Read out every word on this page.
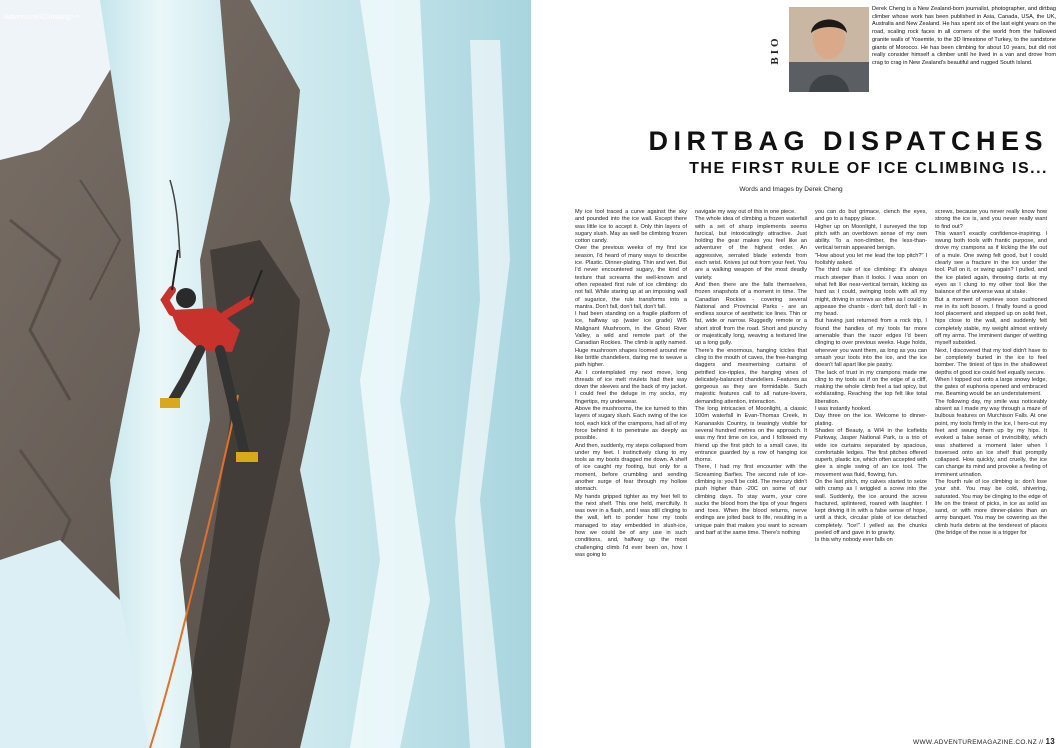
Adventure//Climbing>>
BIO

Derek Cheng is a New Zealand-born journalist, photographer, and dirtbag climber whose work has been published in Asia, Canada, USA, the UK, Australia and New Zealand. He has spent six of the last eight years on the road, scaling rock faces in all corners of the world from the hallowed granite walls of Yosemite, to the 3D limestone of Turkey, to the sandstone giants of Morocco. He has been climbing for about 10 years, but did not really consider himself a climber until he lived in a van and drove from crag to crag in New Zealand's beautiful and rugged South Island.

DIRTBAG DISPATCHES
THE FIRST RULE OF ICE CLIMBING IS...
Words and Images by Derek Cheng

My ice tool traced a curve against the sky and pounded into the ice wall. Except there was little ice to accept it. Only thin layers of sugary slush. May as well be climbing frozen cotton candy.

Over the previous weeks of my first ice season, I'd heard of many ways to describe ice. Plastic. Dinner-plating. Thin and wet. But I'd never encountered sugary, the kind of texture that screams the well-known and often repeated first rule of ice climbing: do not fall. While staring up at an imposing wall of sugarice, the rule transforms into a mantra. Don't fall, don't fall, don't fall.

I had been standing on a fragile platform of ice, halfway up (water ice grade) WI5 Malignant Mushroom, in the Ghost River Valley, a wild and remote part of the Canadian Rockies. The climb is aptly named. Huge mushroom shapes loomed around me like brittle chandeliers, daring me to weave a path higher.

As I contemplated my next move, long threads of ice melt rivulets had their way down the sleeves and the back of my jacket. I could feel the deluge in my socks, my fingertips, my underwear.

Above the mushrooms, the ice turned to thin layers of sugary slush. Each swing of the ice tool, each kick of the crampons, had all of my force behind it to penetrate as deeply as possible.

And then, suddenly, my steps collapsed from under my feet. I instinctively clung to my tools as my boots dragged me down. A shelf of ice caught my footing, but only for a moment, before crumbling and sending another surge of fear through my hollow stomach.

My hands gripped tighter as my feet fell to the next shelf. This one held, mercifully. It was over in a flash, and I was still clinging to the wall, left to ponder how my tools managed to stay embedded in slush-ice, how we could be of any use in such conditions, and, halfway up the most challenging climb I'd ever been on, how I was going to

navigate my way out of this in one piece.

The whole idea of climbing a frozen waterfall with a set of sharp implements seems farcical, but intoxicatingly attractive. Just holding the gear makes you feel like an adventurer of the highest order. An aggressive, serrated blade extends from each wrist. Knives jut out from your feet. You are a walking weapon of the most deadly variety.

And then there are the falls themselves, frozen snapshots of a moment in time. The Canadian Rockies - covering several National and Provincial Parks - are an endless source of aesthetic ice lines. Thin or fat, wide or narrow. Ruggedly remote or a short stroll from the road. Short and punchy or majestically long, weaving a textured line up a long gully.

There's the enormous, hanging icicles that cling to the mouth of caves, the free-hanging daggers and mesmerising curtains of petrified ice-ripples, the hanging vines of delicately-balanced chandeliers. Features as gorgeous as they are formidable. Such majestic features call to all nature-lovers, demanding attention, interaction.

The long intricacies of Moonlight, a classic 100m waterfall in Evan-Thomas Creek, in Kananaskis Country, is teasingly visible for several hundred metres on the approach. It was my first time on ice, and I followed my friend up the first pitch to a small cave, its entrance guarded by a row of hanging ice thorns.

There, I had my first encounter with the Screaming Barfies. The second rule of ice-climbing is: you'll be cold. The mercury didn't push higher than -20C on some of our climbing days. To stay warm, your core sucks the blood from the tips of your fingers and toes. When the blood returns, nerve endings are jolted back to life, resulting in a unique pain that makes you want to scream and barf at the same time. There's nothing

you can do but grimace, clench the eyes, and go to a happy place.

Higher up on Moonlight, I surveyed the top pitch with an overblown sense of my own ability. To a non-climber, the less-than-vertical terrain appeared benign.

"How about you let me lead the top pitch?" I foolishly asked.

The third rule of ice climbing: it's always much steeper than it looks. I was soon on what felt like near-vertical terrain, kicking as hard as I could, swinging tools with all my might, driving in screws as often as I could to appease the chants - don't fall, don't fall - in my head.

But having just returned from a rock trip, I found the handles of my tools far more amenable than the razor edges I'd been clinging to over previous weeks. Huge holds, wherever you want them, as long as you can smash your tools into the ice, and the ice doesn't fall apart like pie pastry.

The lack of trust in my crampons made me cling to my tools as if on the edge of a cliff, making the whole climb feel a tad spicy, but exhilarating. Reaching the top felt like total liberation.

I was instantly hooked.

Day three on the ice. Welcome to dinner-plating.

Shades of Beauty, a WI4 in the Icefields Parkway, Jasper National Park, is a trio of wide ice curtains separated by spacious, comfortable ledges. The first pitches offered superb, plastic ice, which often accepted with glee a single swing of an ice tool. The movement was fluid, flowing, fun.

On the last pitch, my calves started to seize with cramp as I wriggled a screw into the wall. Suddenly, the ice around the screw fractured, splintered, roared with laughter. I kept driving it in with a false sense of hope, until a thick, circular plate of ice detached completely. "Ice!" I yelled as the chunks peeled off and gave in to gravity.

Is this why nobody ever falls on

screws, because you never really know how strong the ice is, and you never really want to find out?

This wasn't exactly confidence-inspiring. I swung both tools with frantic purpose, and drove my crampons as if kicking the life out of a mule. One swing felt good, but I could clearly see a fracture in the ice under the tool. Pull on it, or swing again? I pulled, and the ice plated again, throwing darts at my eyes as I clung to my other tool like the balance of the universe was at stake.

But a moment of reprieve soon cushioned me in its soft bosom. I finally found a good tool placement and stepped up on solid feet, hips close to the wall, and suddenly felt completely stable, my weight almost entirely off my arms. The imminent danger of wetting myself subsided.

Next, I discovered that my tool didn't have to be completely buried in the ice to feel bomber. The tiniest of tips in the shallowest depths of good ice could feel equally secure.

When I topped out onto a large snowy ledge, the gates of euphoria opened and embraced me. Beaming would be an understatement.

The following day, my smile was noticeably absent as I made my way through a maze of bulbous features on Murchison Falls. At one point, my tools firmly in the ice, I hero-cut my feet and swung them up by my hips. It evoked a false sense of invincibility, which was shattered a moment later when I traversed onto an ice shelf that promptly collapsed. How quickly, and cruelly, the ice can change its mind and provoke a feeling of imminent urination.

The fourth rule of ice climbing is: don't lose your shit. You may be cold, shivering, saturated. You may be clinging to the edge of life on the tiniest of picks, in ice as solid as sand, or with more dinner-plates than an army banquet. You may be cowering as the climb hurls debris at the tenderest of places (the bridge of the nose is a trigger for

WWW.ADVENTUREMAGAZINE.CO.NZ // 13
